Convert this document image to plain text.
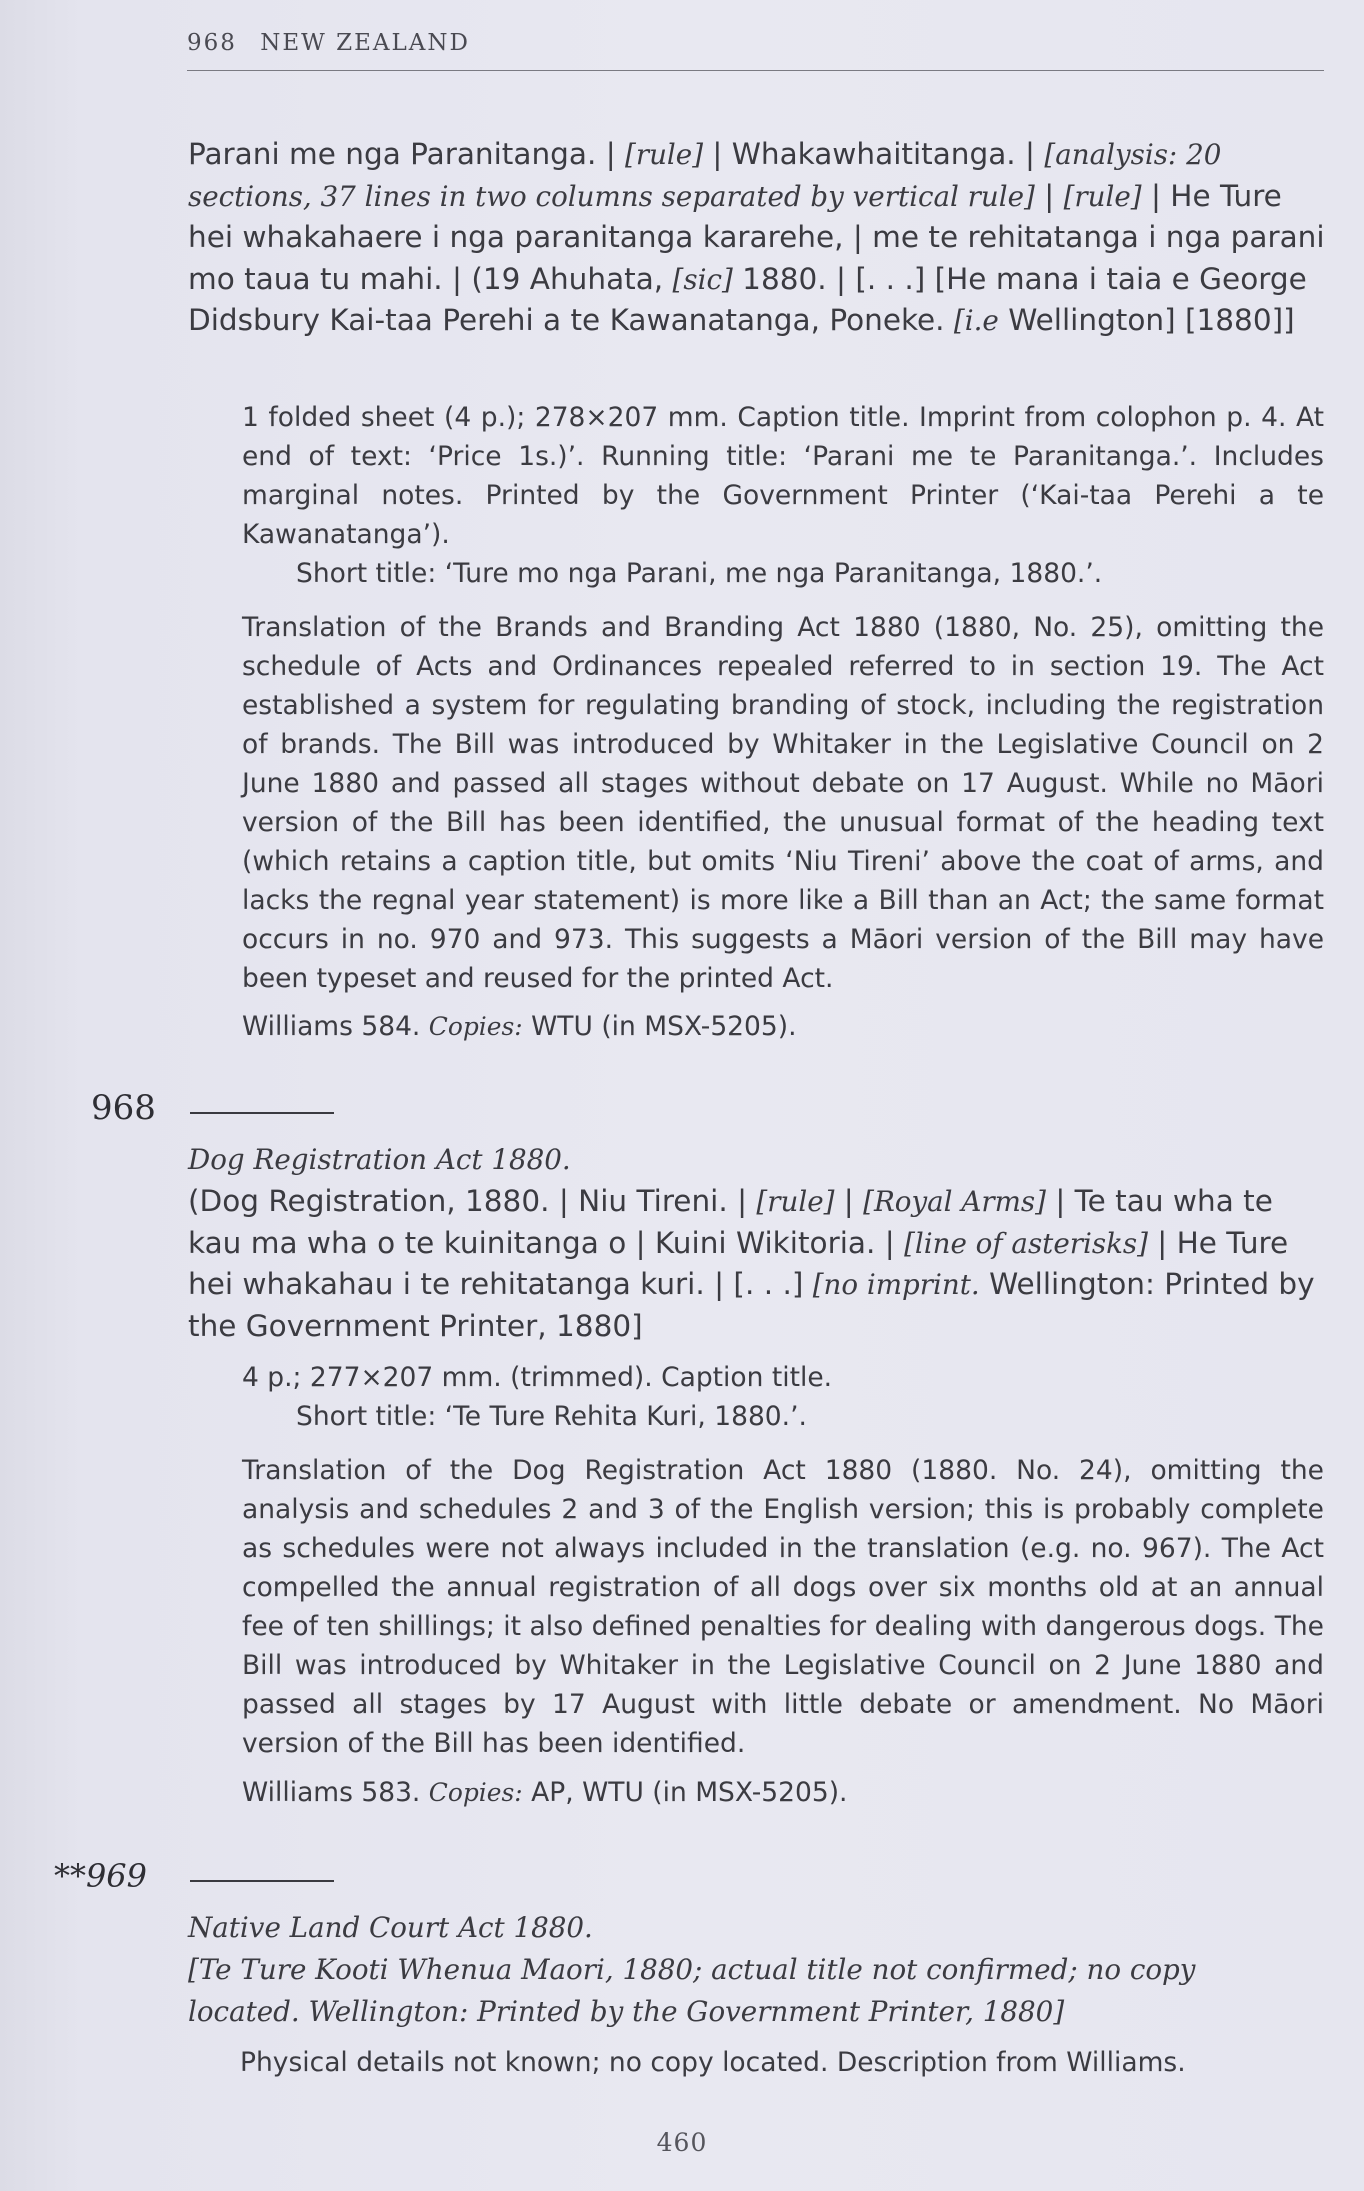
968 NEW ZEALAND
Parani me nga Paranitanga. | [rule] | Whakawhaititanga. | [analysis: 20 sections, 37 lines in two columns separated by vertical rule] | [rule] | He Ture hei whakahaere i nga paranitanga kararehe, | me te rehitatanga i nga parani mo taua tu mahi. | (19 Ahuhata, [sic] 1880. | [. . .] [He mana i taia e George Didsbury Kai-taa Perehi a te Kawanatanga, Poneke. [i.e Wellington] [1880]]
1 folded sheet (4 p.); 278×207 mm. Caption title. Imprint from colophon p. 4. At end of text: ‘Price 1s.)’. Running title: ‘Parani me te Paranitanga.’. Includes marginal notes. Printed by the Government Printer (‘Kai-taa Perehi a te Kawanatanga’).
Short title: ‘Ture mo nga Parani, me nga Paranitanga, 1880.’.
Translation of the Brands and Branding Act 1880 (1880, No. 25), omitting the schedule of Acts and Ordinances repealed referred to in section 19. The Act established a system for regulating branding of stock, including the registration of brands. The Bill was introduced by Whitaker in the Legislative Council on 2 June 1880 and passed all stages without debate on 17 August. While no Māori version of the Bill has been identified, the unusual format of the heading text (which retains a caption title, but omits ‘Niu Tireni’ above the coat of arms, and lacks the regnal year statement) is more like a Bill than an Act; the same format occurs in no. 970 and 973. This suggests a Māori version of the Bill may have been typeset and reused for the printed Act.
Williams 584. Copies: WTU (in MSX-5205).
968
Dog Registration Act 1880.
(Dog Registration, 1880. | Niu Tireni. | [rule] | [Royal Arms] | Te tau wha te kau ma wha o te kuinitanga o | Kuini Wikitoria. | [line of asterisks] | He Ture hei whakahau i te rehitatanga kuri. | [. . .] [no imprint. Wellington: Printed by the Government Printer, 1880]
4 p.; 277×207 mm. (trimmed). Caption title.
Short title: ‘Te Ture Rehita Kuri, 1880.’.
Translation of the Dog Registration Act 1880 (1880. No. 24), omitting the analysis and schedules 2 and 3 of the English version; this is probably complete as schedules were not always included in the translation (e.g. no. 967). The Act compelled the annual registration of all dogs over six months old at an annual fee of ten shillings; it also defined penalties for dealing with dangerous dogs. The Bill was introduced by Whitaker in the Legislative Council on 2 June 1880 and passed all stages by 17 August with little debate or amendment. No Māori version of the Bill has been identified.
Williams 583. Copies: AP, WTU (in MSX-5205).
**969
Native Land Court Act 1880.
[Te Ture Kooti Whenua Maori, 1880; actual title not confirmed; no copy located. Wellington: Printed by the Government Printer, 1880]
Physical details not known; no copy located. Description from Williams.
460
